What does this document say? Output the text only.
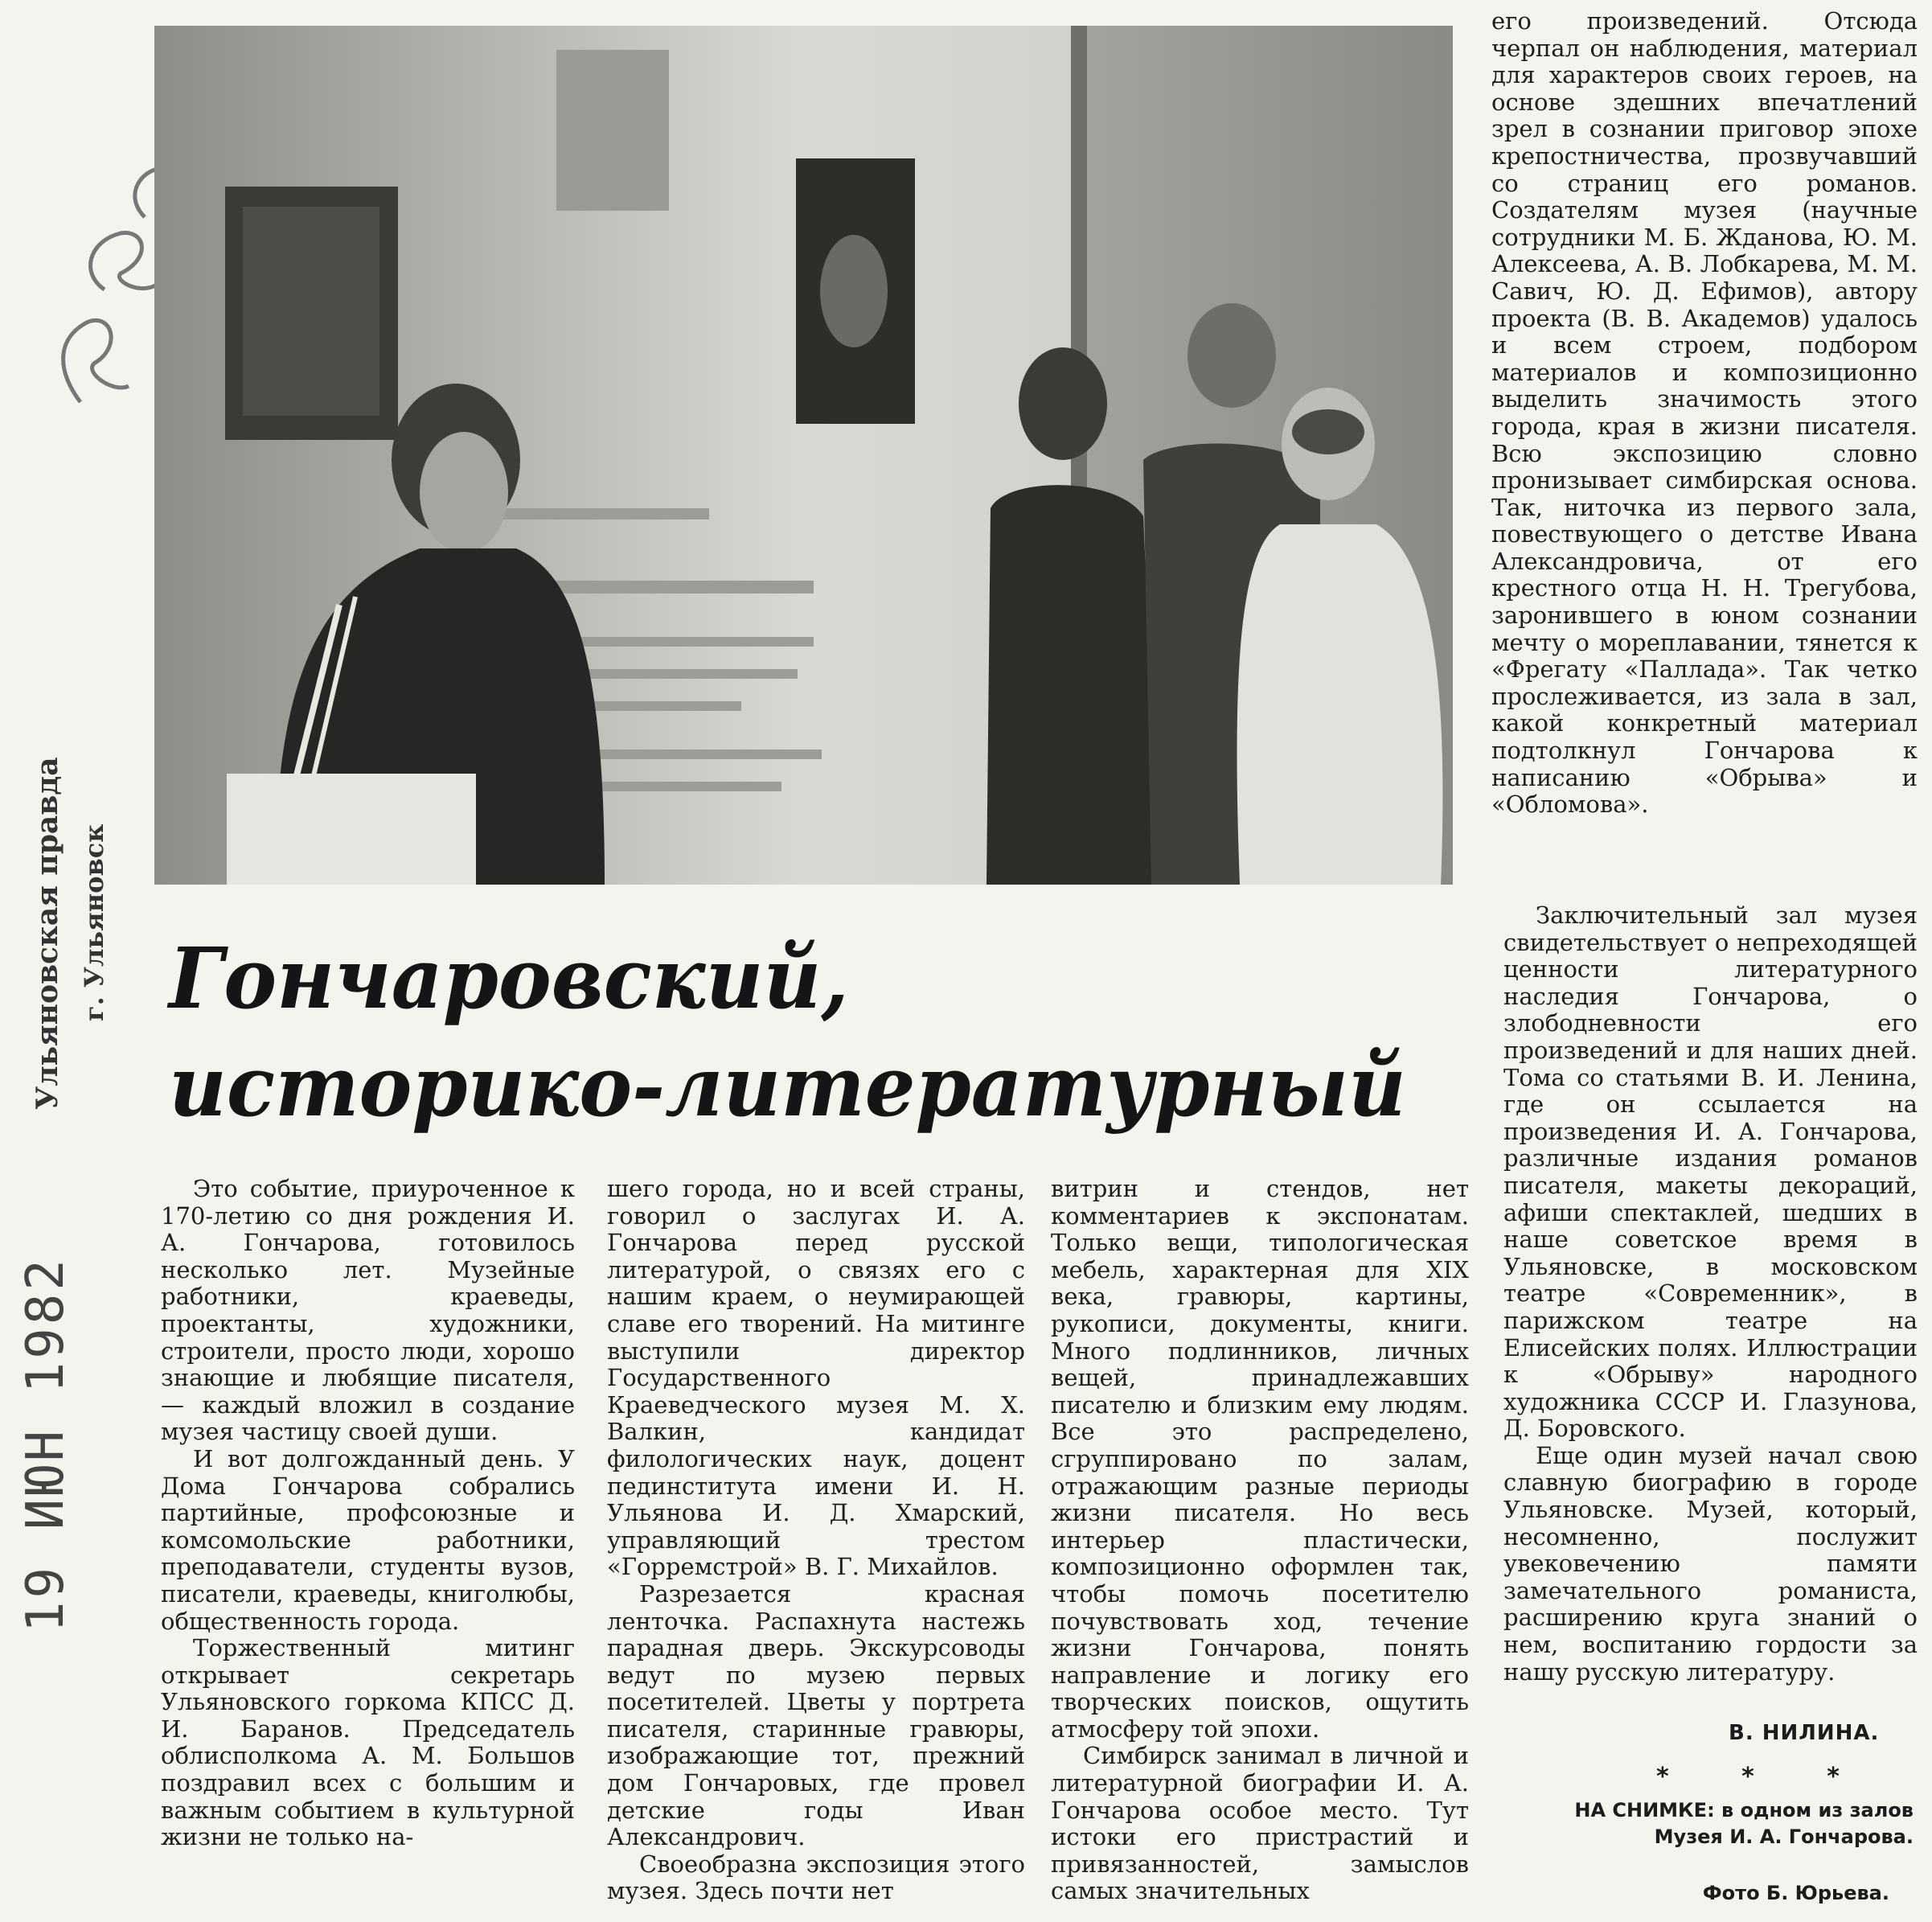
Ульяновская правда г. Ульяновск
19 ИЮН 1982
Гончаровский,
историко-литературный

Это событие, приуроченное к 170-летию со дня рождения И. А. Гончарова, готовилось несколько лет. Музейные работники, краеведы, проектанты, художники, строители, просто люди, хорошо знающие и любящие писателя, — каждый вложил в создание музея частицу своей души.

И вот долгожданный день. У Дома Гончарова собрались партийные, профсоюзные и комсомольские работники, преподаватели, студенты вузов, писатели, краеведы, книголюбы, общественность города.

Торжественный митинг открывает секретарь Ульяновского горкома КПСС Д. И. Баранов. Председатель облисполкома А. М. Большов поздравил всех с большим и важным событием в культурной жизни не только на-

шего города, но и всей страны, говорил о заслугах И. А. Гончарова перед русской литературой, о связях его с нашим краем, о неумирающей славе его творений. На митинге выступили директор Государственного Краеведческого музея М. Х. Валкин, кандидат филологических наук, доцент пединститута имени И. Н. Ульянова И. Д. Хмарский, управляющий трестом «Горремстрой» В. Г. Михайлов.

Разрезается красная ленточка. Распахнута настежь парадная дверь. Экскурсоводы ведут по музею первых посетителей. Цветы у портрета писателя, старинные гравюры, изображающие тот, прежний дом Гончаровых, где провел детские годы Иван Александрович.

Своеобразна экспозиция этого музея. Здесь почти нет

витрин и стендов, нет комментариев к экспонатам. Только вещи, типологическая мебель, характерная для XIX века, гравюры, картины, рукописи, документы, книги. Много подлинников, личных вещей, принадлежавших писателю и близким ему людям. Все это распределено, сгруппировано по залам, отражающим разные периоды жизни писателя. Но весь интерьер пластически, композиционно оформлен так, чтобы помочь посетителю почувствовать ход, течение жизни Гончарова, понять направление и логику его творческих поисков, ощутить атмосферу той эпохи.

Симбирск занимал в личной и литературной биографии И. А. Гончарова особое место. Тут истоки его пристрастий и привязанностей, замыслов самых значительных

его произведений. Отсюда черпал он наблюдения, материал для характеров своих героев, на основе здешних впечатлений зрел в сознании приговор эпохе крепостничества, прозвучавший со страниц его романов. Создателям музея (научные сотрудники М. Б. Жданова, Ю. М. Алексеева, А. В. Лобкарева, М. М. Савич, Ю. Д. Ефимов), автору проекта (В. В. Академов) удалось и всем строем, подбором материалов и композиционно выделить значимость этого города, края в жизни писателя. Всю экспозицию словно пронизывает симбирская основа. Так, ниточка из первого зала, повествующего о детстве Ивана Александровича, от его крестного отца Н. Н. Трегубова, заронившего в юном сознании мечту о мореплавании, тянется к «Фрегату «Паллада». Так четко прослеживается, из зала в зал, какой конкретный материал подтолкнул Гончарова к написанию «Обрыва» и «Обломова».

Заключительный зал музея свидетельствует о непреходящей ценности литературного наследия Гончарова, о злободневности его произведений и для наших дней. Тома со статьями В. И. Ленина, где он ссылается на произведения И. А. Гончарова, различные издания романов писателя, макеты декораций, афиши спектаклей, шедших в наше советское время в Ульяновске, в московском театре «Современник», в парижском театре на Елисейских полях. Иллюстрации к «Обрыву» народного художника СССР И. Глазунова, Д. Боровского.

Еще один музей начал свою славную биографию в городе Ульяновске. Музей, который, несомненно, послужит увековечению памяти замечательного романиста, расширению круга знаний о нем, воспитанию гордости за нашу русскую литературу.

В. НИЛИНА.
* * *
НА СНИМКЕ: в одном из залов Музея И. А. Гончарова.
Фото Б. Юрьева.
